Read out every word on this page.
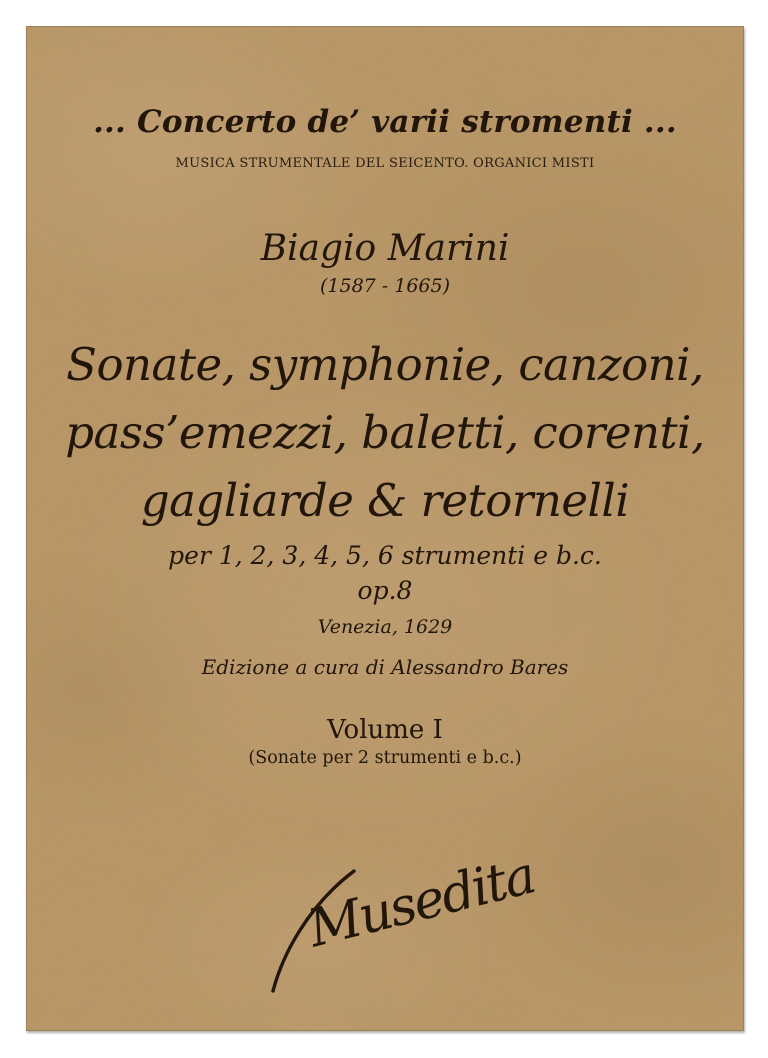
... Concerto de’ varii stromenti ...
MUSICA STRUMENTALE DEL SEICENTO. ORGANICI MISTI
Biagio Marini
(1587 - 1665)
Sonate, symphonie, canzoni,
pass’emezzi, baletti, corenti,
gagliarde & retornelli
per 1, 2, 3, 4, 5, 6 strumenti e b.c.
op.8
Venezia, 1629
Edizione a cura di Alessandro Bares
Volume I
(Sonate per 2 strumenti e b.c.)
Musedita
